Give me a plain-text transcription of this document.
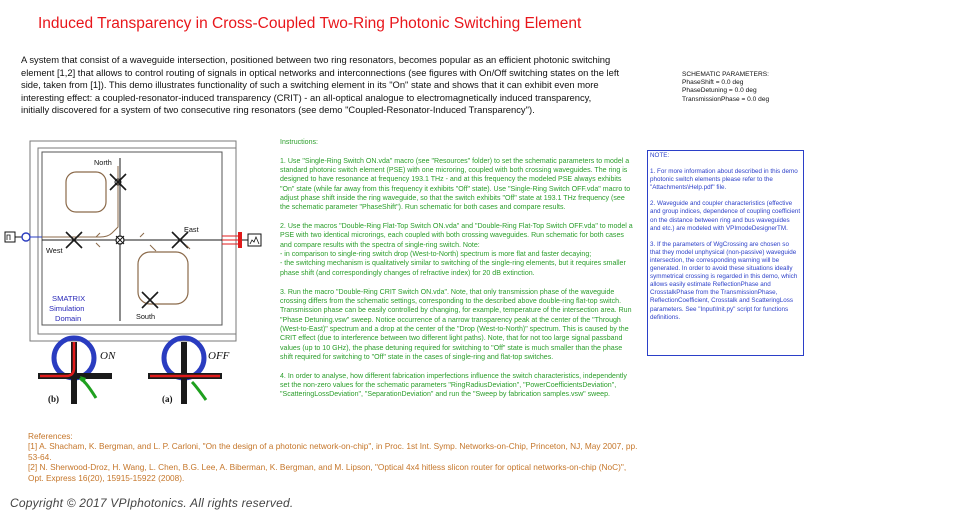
Induced Transparency in Cross-Coupled Two-Ring Photonic Switching Element
A system that consist of a waveguide intersection, positioned between two ring resonators, becomes popular as an efficient photonic switching element [1,2] that allows to control routing of signals in optical networks and interconnections (see figures with On/Off switching states on the left side, taken from [1]). This demo illustrates functionality of such a switching element in its "On" state and shows that it can exhibit even more interesting effect: a coupled-resonator-induced transparency (CRIT) - an all-optical analogue to electromagnetically induced transparency, initially discovered for a system of two consecutive ring resonators (see demo "Coupled-Resonator-Induced Transparency").
SCHEMATIC PARAMETERS:
PhaseShift = 0.0 deg
PhaseDetuning = 0.0 deg
TransmissionPhase = 0.0 deg
North
West
East
South
SMATRIX
Simulation
Domain
ON
(b)
OFF
(a)

Instructions:

1. Use "Single-Ring Switch ON.vda" macro (see "Resources" folder) to set the schematic parameters to model a standard photonic switch element (PSE) with one microring, coupled with both crossing waveguides. The ring is designed to have resonance at frequency 193.1 THz - and at this frequency the modeled PSE always exhibits "On" state (while far away from this frequency it exhibits "Off" state). Use "Single-Ring Switch OFF.vda" macro to adjust phase shift inside the ring waveguide, so that the switch exhibits "Off" state at 193.1 THz frequency (see the schematic parameter "PhaseShift"). Run schematic for both cases and compare results.

2. Use the macros "Double-Ring Flat-Top Switch ON.vda" and "Double-Ring Flat-Top Switch OFF.vda" to model a PSE with two identical microrings, each coupled with both crossing waveguides. Run schematic for both cases and compare results with the spectra of single-ring switch. Note:
- in comparison to single-ring switch drop (West-to-North) spectrum is more flat and faster decaying;
- the switching mechanism is qualitatively similar to switching of the single-ring elements, but it requires smaller phase shift (and correspondingly changes of refractive index) for 20 dB extinction.

3. Run the macro "Double-Ring CRIT Switch ON.vda". Note, that only transmission phase of the waveguide crossing differs from the schematic settings, corresponding to the described above double-ring flat-top switch. Transmission phase can be easily controlled by changing, for example, temperature of the intersection area. Run "Phase Detuning.vsw" sweep. Notice occurrence of a narrow transparency peak at the center of the "Through (West-to-East)" spectrum and a drop at the center of the "Drop (West-to-North)" spectrum. This is caused by the CRIT effect (due to interference between two different light paths). Note, that for not too large signal passband values (up to 10 GHz), the phase detuning required for switching to "Off" state is much smaller than the phase shift required for switching to "Off" state in the cases of single-ring and flat-top switches.

4. In order to analyse, how different fabrication imperfections influence the switch characteristics, independently set the non-zero values for the schematic parameters "RingRadiusDeviation", "PowerCoefficientsDeviation", "ScatteringLossDeviation", "SeparationDeviation" and run the "Sweep by fabrication samples.vsw" sweep.

NOTE:

1. For more information about described in this demo photonic switch elements please refer to the "Attachments\Help.pdf" file.

2. Waveguide and coupler characteristics (effective and group indices, dependence of coupling coefficient on the distance between ring and bus waveguides and etc.) are modeled with VPImodeDesignerTM.

3. If the parameters of WgCrossing are chosen so that they model unphysical (non-passive) waveguide intersection, the corresponding warning will be generated. In order to avoid these situations ideally symmetrical crossing is regarded in this demo, which allows easily estimate ReflectionPhase and CrosstalkPhase from the TransmissionPhase, ReflectionCoefficient, Crosstalk and ScatteringLoss parameters. See "Input\Init.py" script for functions definitions.

References:

[1] A. Shacham, K. Bergman, and L. P. Carloni, "On the design of a photonic network-on-chip", in Proc. 1st Int. Symp. Networks-on-Chip, Princeton, NJ, May 2007, pp. 53-64.

[2] N. Sherwood-Droz, H. Wang, L. Chen, B.G. Lee, A. Biberman, K. Bergman, and M. Lipson, "Optical 4x4 hitless slicon router for optical networks-on-chip (NoC)", Opt. Express 16(20), 15915-15922 (2008).

Copyright © 2017 VPIphotonics. All rights reserved.
